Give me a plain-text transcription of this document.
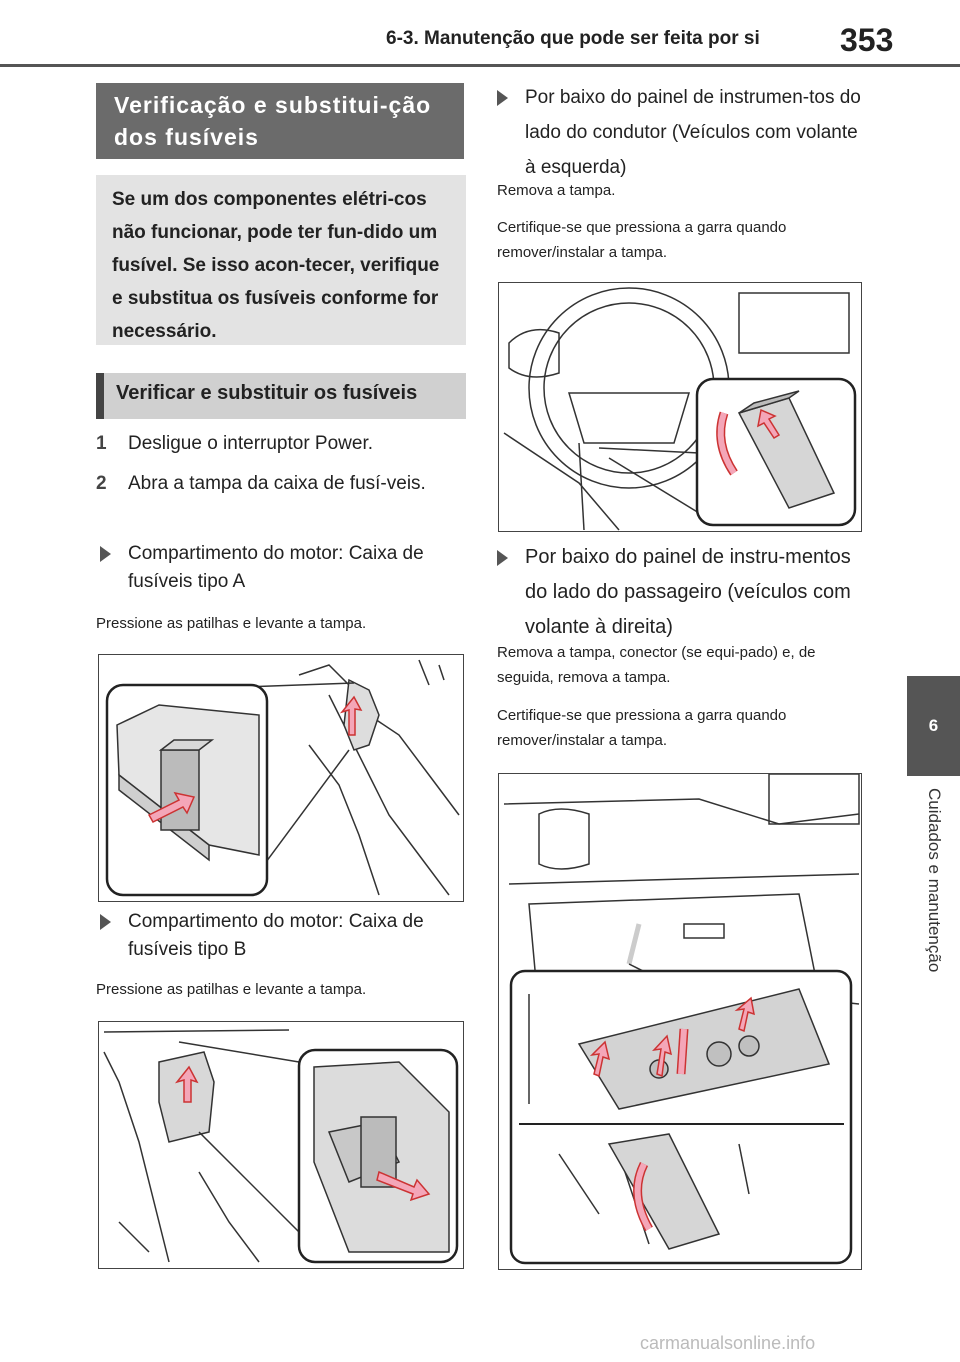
6-3. Manutenção que pode ser feita por si	353
6
Cuidados e manutenção
Verificação e substitui-ção dos fusíveis
Se um dos componentes elétri-cos não funcionar, pode ter fun-dido um fusível. Se isso acon-tecer, verifique e substitua os fusíveis conforme for necessário.
Verificar e substituir os fusíveis
1 Desligue o interruptor Power.
2 Abra a tampa da caixa de fusí-veis.
Compartimento do motor: Caixa de fusíveis tipo A
Pressione as patilhas e levante a tampa.
Compartimento do motor: Caixa de fusíveis tipo B
Pressione as patilhas e levante a tampa.
Por baixo do painel de instrumen-tos do lado do condutor (Veículos com volante à esquerda)
Remova a tampa.
Certifique-se que pressiona a garra quando remover/instalar a tampa.
Por baixo do painel de instru-mentos do lado do passageiro (veículos com volante à direita)
Remova a tampa, conector (se equi-pado) e, de seguida, remova a tampa.
Certifique-se que pressiona a garra quando remover/instalar a tampa.
carmanualsonline.info
